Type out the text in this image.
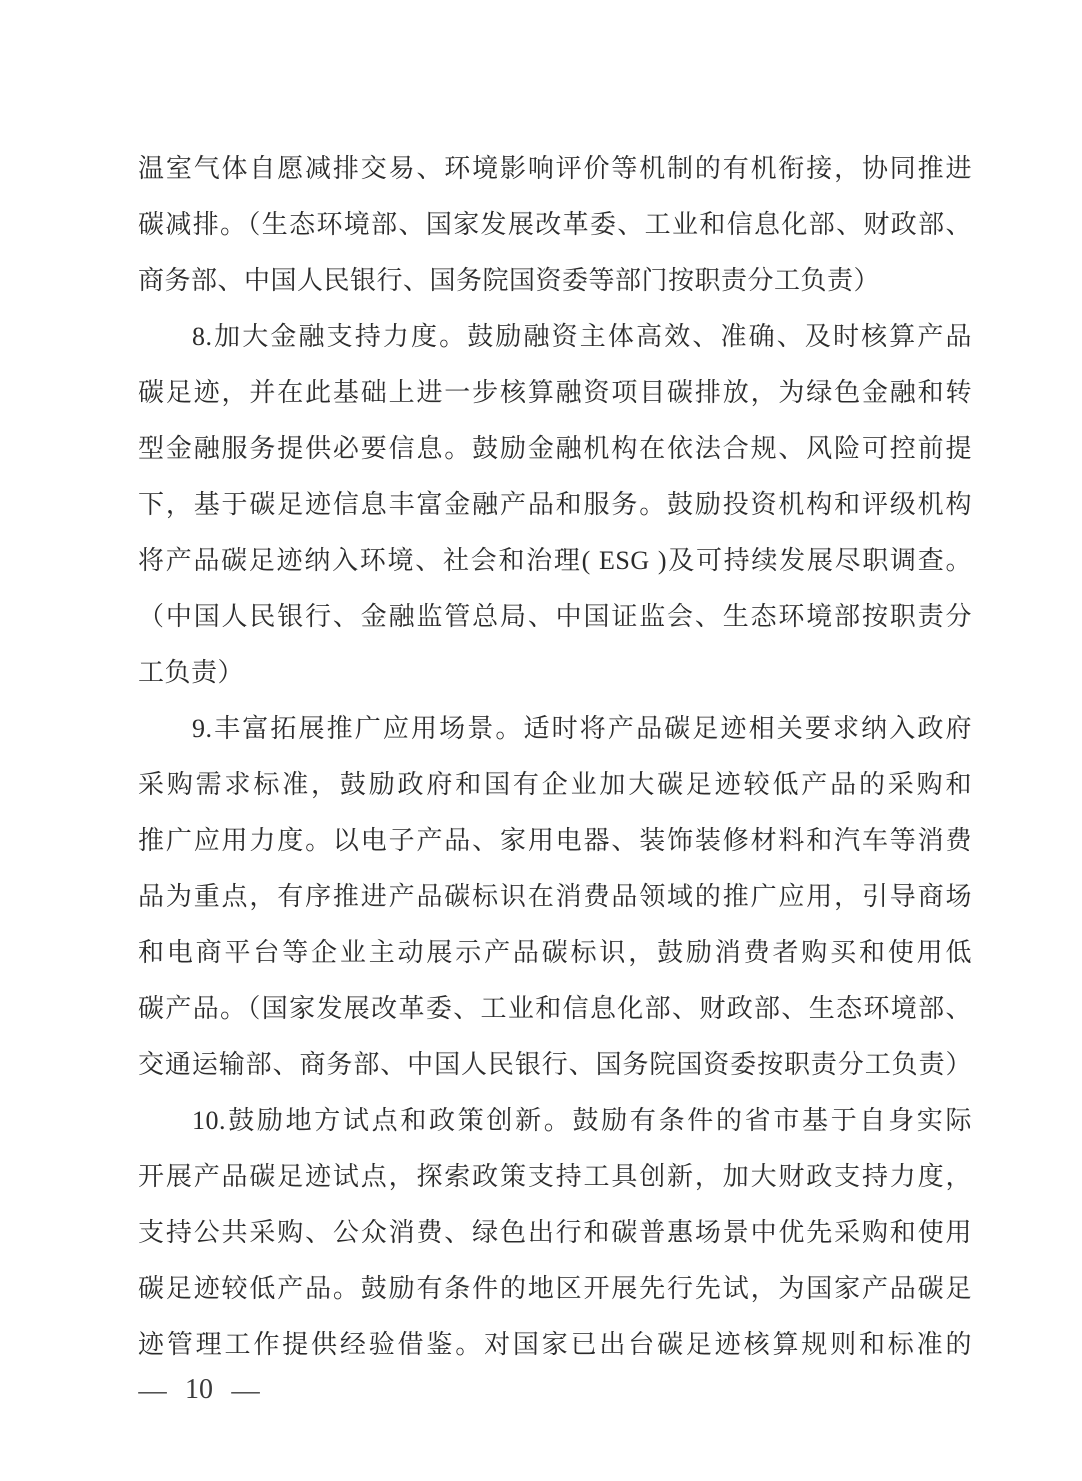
温室气体自愿减排交易、环境影响评价等机制的有机衔接，协同推进
碳减排。（生态环境部、国家发展改革委、工业和信息化部、财政部、
商务部、中国人民银行、国务院国资委等部门按职责分工负责）
8.加大金融支持力度。鼓励融资主体高效、准确、及时核算产品
碳足迹，并在此基础上进一步核算融资项目碳排放，为绿色金融和转
型金融服务提供必要信息。鼓励金融机构在依法合规、风险可控前提
下，基于碳足迹信息丰富金融产品和服务。鼓励投资机构和评级机构
将产品碳足迹纳入环境、社会和治理( ESG )及可持续发展尽职调查。
（中国人民银行、金融监管总局、中国证监会、生态环境部按职责分
工负责）
9.丰富拓展推广应用场景。适时将产品碳足迹相关要求纳入政府
采购需求标准，鼓励政府和国有企业加大碳足迹较低产品的采购和
推广应用力度。以电子产品、家用电器、装饰装修材料和汽车等消费
品为重点，有序推进产品碳标识在消费品领域的推广应用，引导商场
和电商平台等企业主动展示产品碳标识，鼓励消费者购买和使用低
碳产品。（国家发展改革委、工业和信息化部、财政部、生态环境部、
交通运输部、商务部、中国人民银行、国务院国资委按职责分工负责）
10.鼓励地方试点和政策创新。鼓励有条件的省市基于自身实际
开展产品碳足迹试点，探索政策支持工具创新，加大财政支持力度，
支持公共采购、公众消费、绿色出行和碳普惠场景中优先采购和使用
碳足迹较低产品。鼓励有条件的地区开展先行先试，为国家产品碳足
迹管理工作提供经验借鉴。对国家已出台碳足迹核算规则和标准的
— 10 —
